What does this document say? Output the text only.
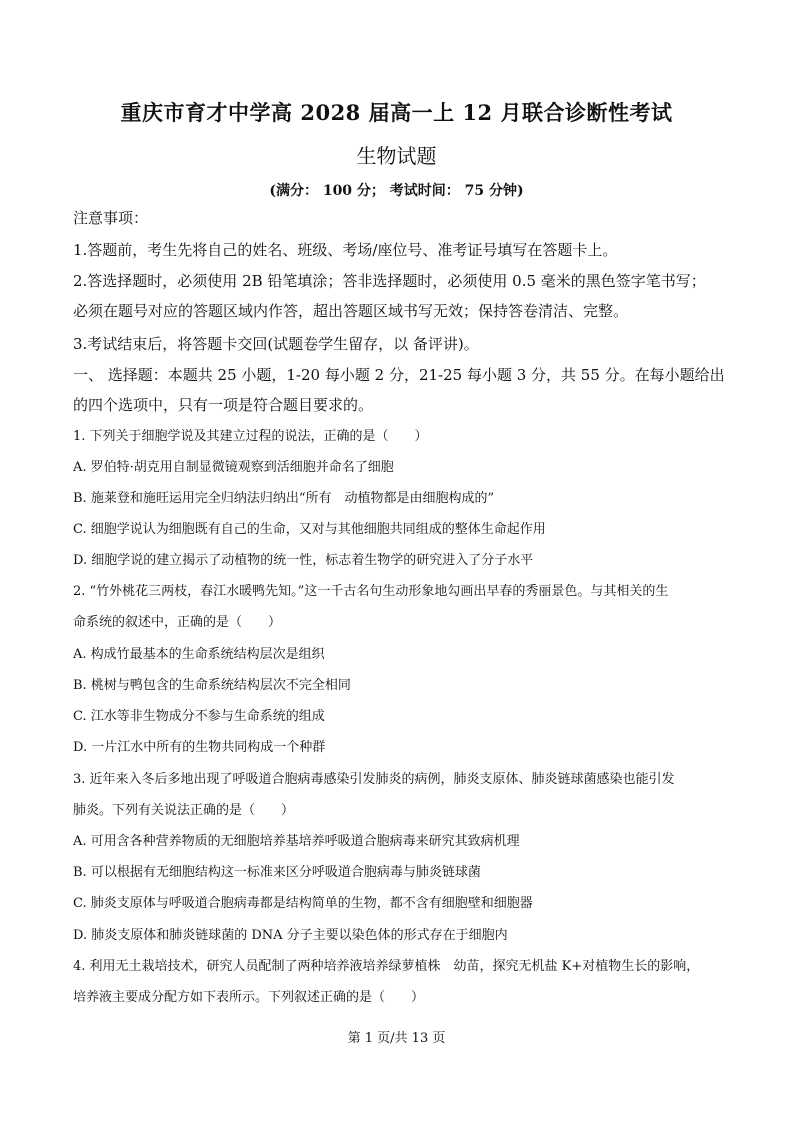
重庆市育才中学高 2028 届高一上 12 月联合诊断性考试
生物试题
(满分： 100 分； 考试时间： 75 分钟)
注意事项：
1.答题前，考生先将自己的姓名、班级、考场/座位号、准考证号填写在答题卡上。
2.答选择题时，必须使用 2B 铅笔填涂；答非选择题时，必须使用 0.5 毫米的黑色签字笔书写；
必须在题号对应的答题区域内作答，超出答题区域书写无效；保持答卷清洁、完整。
3.考试结束后，将答题卡交回(试题卷学生留存，以 备评讲)。
一、 选择题：本题共 25 小题，1-20 每小题 2 分，21-25 每小题 3 分，共 55 分。在每小题给出
的四个选项中，只有一项是符合题目要求的。
1. 下列关于细胞学说及其建立过程的说法，正确的是（　　）
A. 罗伯特·胡克用自制显微镜观察到活细胞并命名了细胞
B. 施莱登和施旺运用完全归纳法归纳出“所有　动植物都是由细胞构成的”
C. 细胞学说认为细胞既有自己的生命，又对与其他细胞共同组成的整体生命起作用
D. 细胞学说的建立揭示了动植物的统一性，标志着生物学的研究进入了分子水平
2. “竹外桃花三两枝，春江水暖鸭先知。”这一千古名句生动形象地勾画出早春的秀丽景色。与其相关的生
命系统的叙述中，正确的是（　　）
A. 构成竹最基本的生命系统结构层次是组织
B. 桃树与鸭包含的生命系统结构层次不完全相同
C. 江水等非生物成分不参与生命系统的组成
D. 一片江水中所有的生物共同构成一个种群
3. 近年来入冬后多地出现了呼吸道合胞病毒感染引发肺炎的病例，肺炎支原体、肺炎链球菌感染也能引发
肺炎。下列有关说法正确的是（　　）
A. 可用含各种营养物质的无细胞培养基培养呼吸道合胞病毒来研究其致病机理
B. 可以根据有无细胞结构这一标准来区分呼吸道合胞病毒与肺炎链球菌
C. 肺炎支原体与呼吸道合胞病毒都是结构简单的生物，都不含有细胞壁和细胞器
D. 肺炎支原体和肺炎链球菌的 DNA 分子主要以染色体的形式存在于细胞内
4. 利用无土栽培技术，研究人员配制了两种培养液培养绿萝植株　幼苗，探究无机盐 K+对植物生长的影响，
培养液主要成分配方如下表所示。下列叙述正确的是（　　）
第 1 页/共 13 页
